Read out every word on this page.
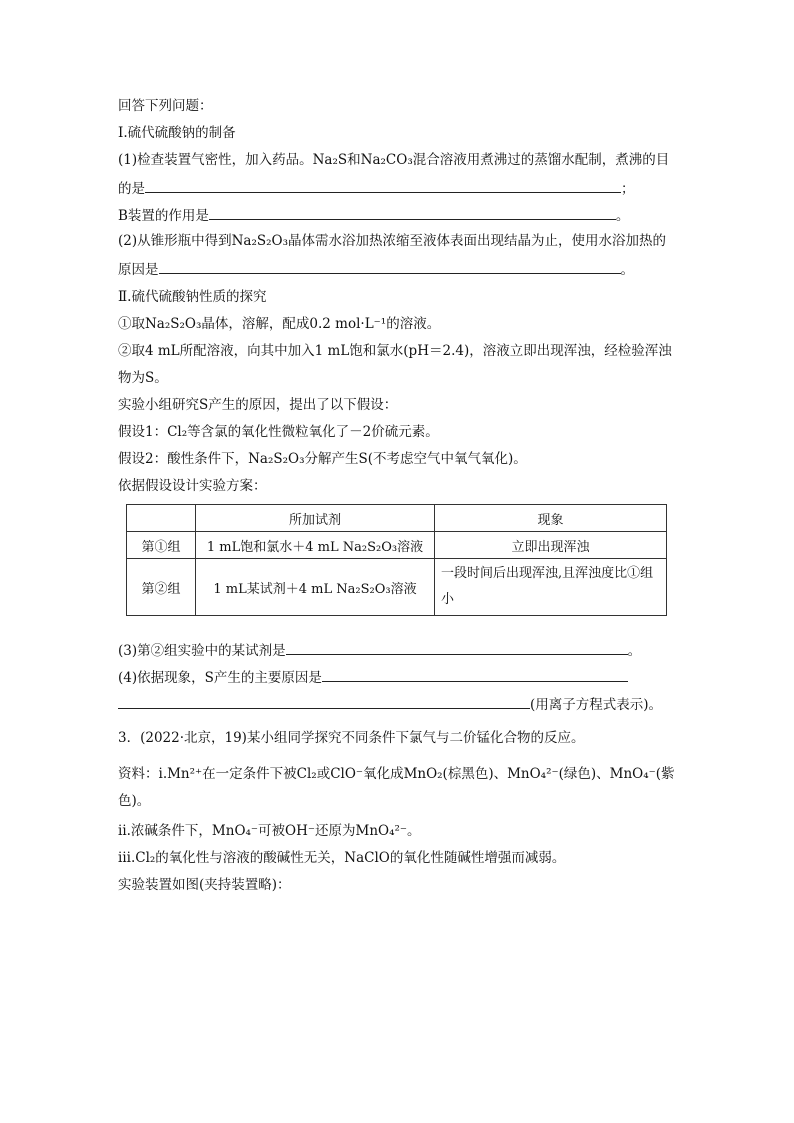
回答下列问题：
Ⅰ.硫代硫酸钠的制备
(1)检查装置气密性，加入药品。Na₂S和Na₂CO₃混合溶液用煮沸过的蒸馏水配制，煮沸的目
的是	；
B装置的作用是	。
(2)从锥形瓶中得到Na₂S₂O₃晶体需水浴加热浓缩至液体表面出现结晶为止，使用水浴加热的
原因是	。
Ⅱ.硫代硫酸钠性质的探究
①取Na₂S₂O₃晶体，溶解，配成0.2 mol·L⁻¹的溶液。
②取4 mL所配溶液，向其中加入1 mL饱和氯水(pH＝2.4)，溶液立即出现浑浊，经检验浑浊
物为S。
实验小组研究S产生的原因，提出了以下假设：
假设1：Cl₂等含氯的氧化性微粒氧化了－2价硫元素。
假设2：酸性条件下，Na₂S₂O₃分解产生S(不考虑空气中氧气氧化)。
依据假设设计实验方案：
	所加试剂	现象
第①组	1 mL饱和氯水＋4 mL Na₂S₂O₃溶液	立即出现浑浊
第②组	1 mL某试剂＋4 mL Na₂S₂O₃溶液	一段时间后出现浑浊,且浑浊度比①组小
(3)第②组实验中的某试剂是	。
(4)依据现象，S产生的主要原因是
(用离子方程式表示)。
3．(2022·北京，19)某小组同学探究不同条件下氯气与二价锰化合物的反应。
资料：ⅰ.Mn²⁺在一定条件下被Cl₂或ClO⁻氧化成MnO₂(棕黑色)、MnO₄²⁻(绿色)、MnO₄⁻(紫
色)。
ⅱ.浓碱条件下，MnO₄⁻可被OH⁻还原为MnO₄²⁻。
ⅲ.Cl₂的氧化性与溶液的酸碱性无关，NaClO的氧化性随碱性增强而减弱。
实验装置如图(夹持装置略)：
